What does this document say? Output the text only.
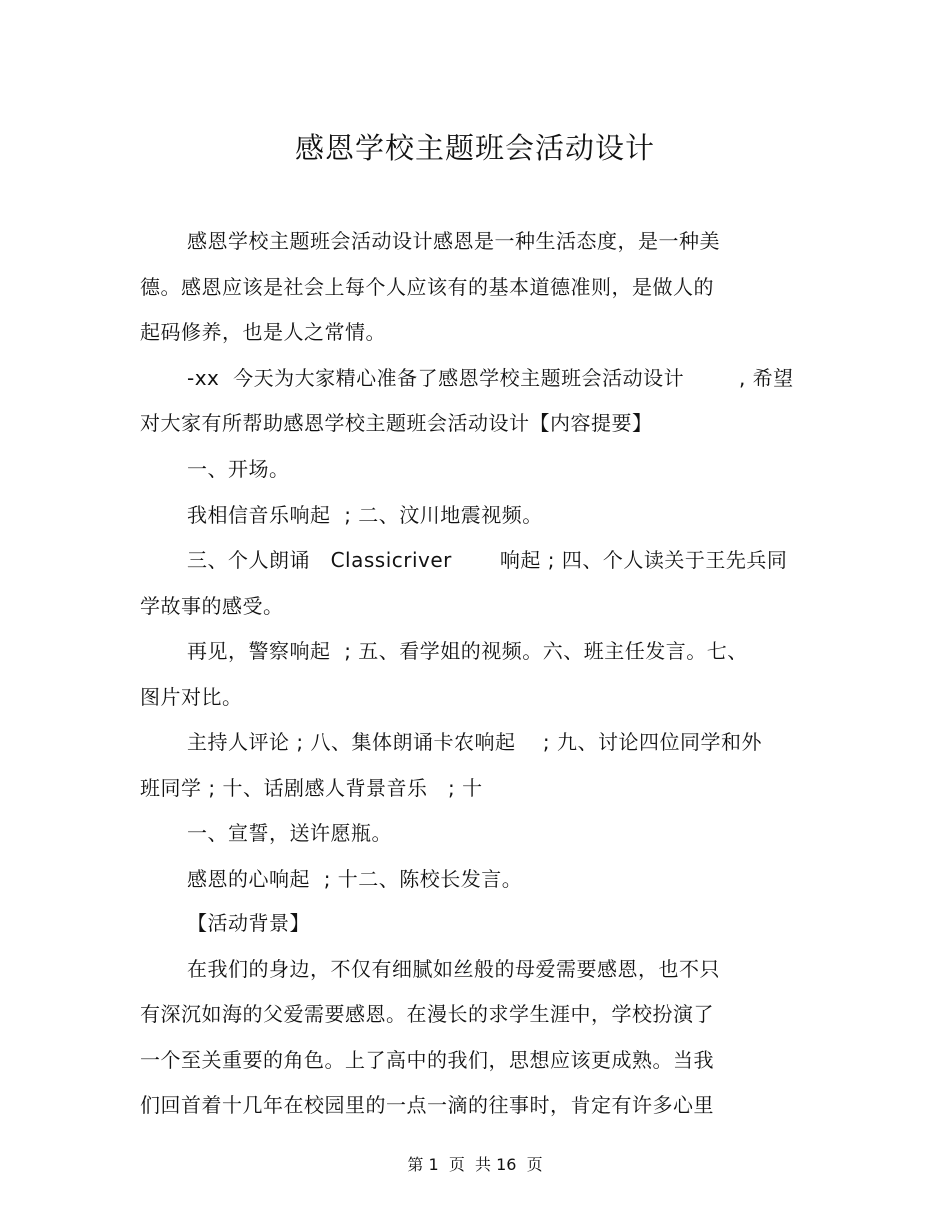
感恩学校主题班会活动设计
感恩学校主题班会活动设计感恩是一种生活态度，是一种美
德。感恩应该是社会上每个人应该有的基本道德准则，是做人的
起码修养，也是人之常情。
-xx  今天为大家精心准备了感恩学校主题班会活动设计        , 希望
对大家有所帮助感恩学校主题班会活动设计【内容提要】
一、开场。
我相信音乐响起  ; 二、汶川地震视频。
三、个人朗诵   Classicriver       响起 ; 四、个人读关于王先兵同
学故事的感受。
再见，警察响起  ; 五、看学姐的视频。六、班主任发言。七、
图片对比。
主持人评论 ; 八、集体朗诵卡农响起    ; 九、讨论四位同学和外
班同学 ; 十、话剧感人背景音乐   ; 十
一、宣誓，送许愿瓶。
感恩的心响起  ; 十二、陈校长发言。
【活动背景】
在我们的身边，不仅有细腻如丝般的母爱需要感恩，也不只
有深沉如海的父爱需要感恩。在漫长的求学生涯中，学校扮演了
一个至关重要的角色。上了高中的我们，思想应该更成熟。当我
们回首着十几年在校园里的一点一滴的往事时，肯定有许多心里
第 1  页  共 16  页
